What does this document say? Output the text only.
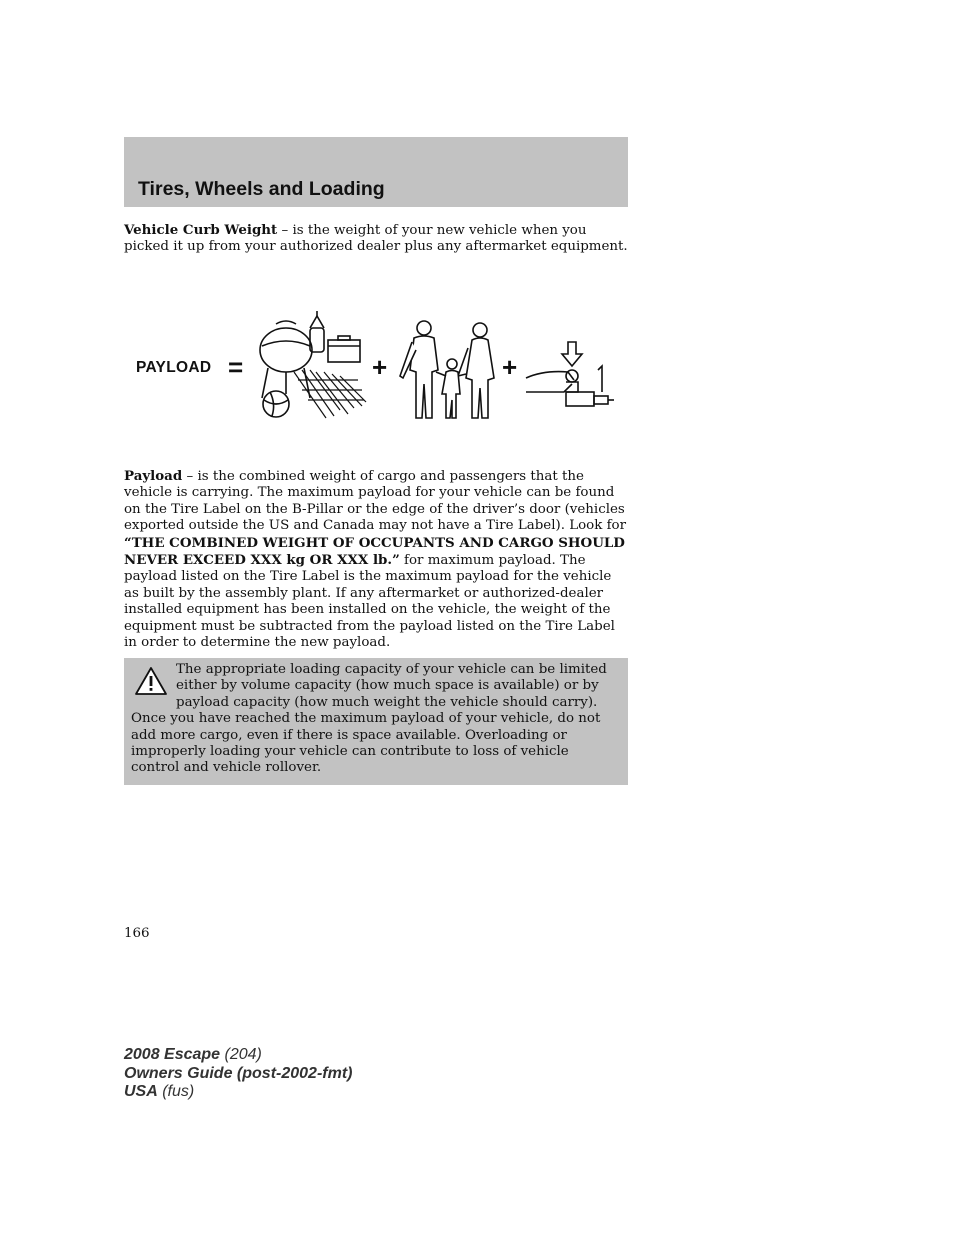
Tires, Wheels and Loading

Vehicle Curb Weight – is the weight of your new vehicle when you picked it up from your authorized dealer plus any aftermarket equipment.

PAYLOAD =	+	+

Payload – is the combined weight of cargo and passengers that the vehicle is carrying. The maximum payload for your vehicle can be found on the Tire Label on the B-Pillar or the edge of the driver’s door (vehicles exported outside the US and Canada may not have a Tire Label). Look for “THE COMBINED WEIGHT OF OCCUPANTS AND CARGO SHOULD NEVER EXCEED XXX kg OR XXX lb.” for maximum payload. The payload listed on the Tire Label is the maximum payload for the vehicle as built by the assembly plant. If any aftermarket or authorized-dealer installed equipment has been installed on the vehicle, the weight of the equipment must be subtracted from the payload listed on the Tire Label in order to determine the new payload.

The appropriate loading capacity of your vehicle can be limited either by volume capacity (how much space is available) or by payload capacity (how much weight the vehicle should carry). Once you have reached the maximum payload of your vehicle, do not add more cargo, even if there is space available. Overloading or improperly loading your vehicle can contribute to loss of vehicle control and vehicle rollover.
166
2008 Escape (204)
Owners Guide (post-2002-fmt)
USA (fus)
